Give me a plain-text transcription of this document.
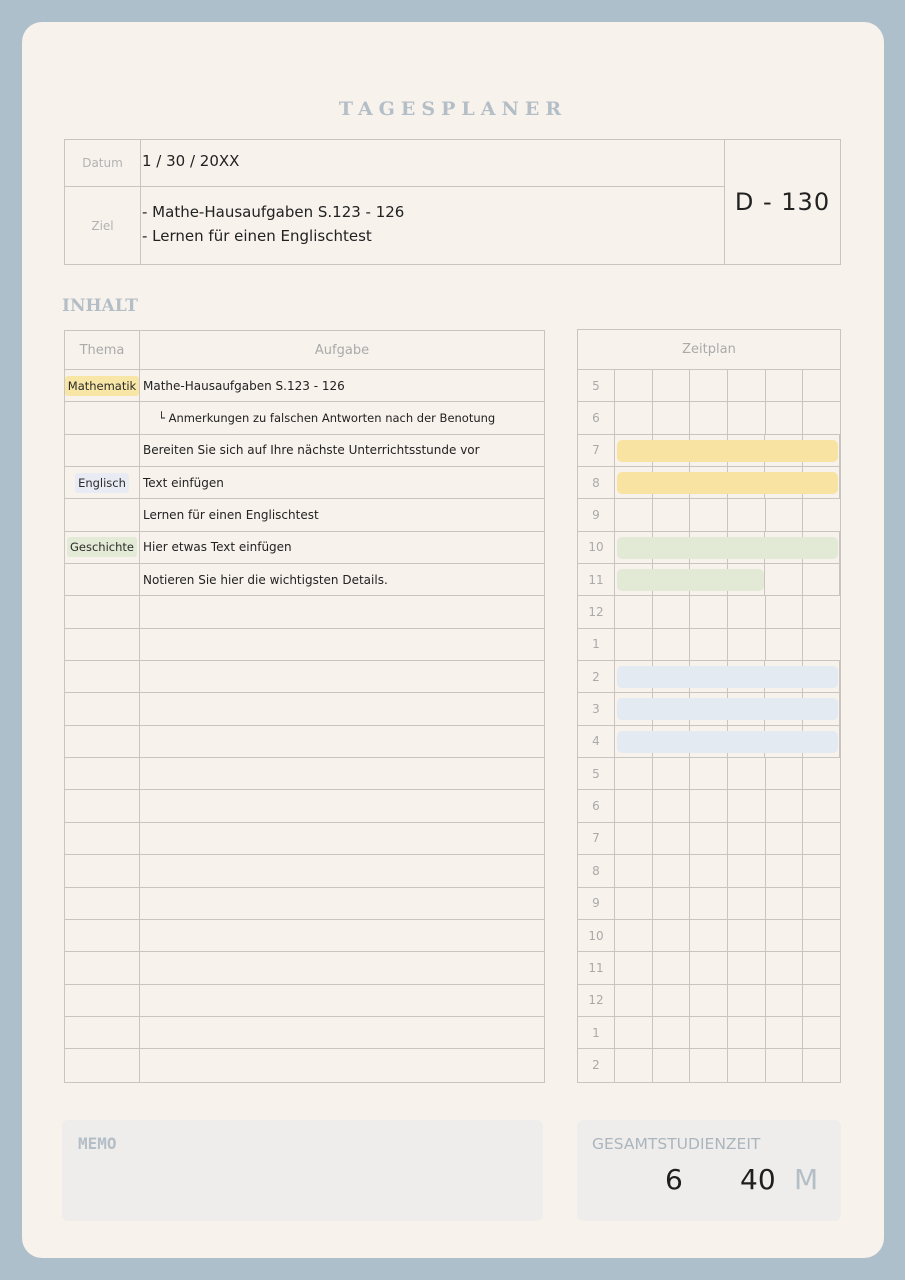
TAGESPLANER
Datum	1 / 30 / 20XX
Ziel
- Mathe-Hausaufgaben S.123 - 126
- Lernen für einen Englischtest
D - 130
INHALT
Thema	Aufgabe
Mathematik Mathe-Hausaufgaben S.123 - 126
└ Anmerkungen zu falschen Antworten nach der Benotung
Bereiten Sie sich auf Ihre nächste Unterrichtsstunde vor
Englisch Text einfügen
Lernen für einen Englischtest
Geschichte Hier etwas Text einfügen
Notieren Sie hier die wichtigsten Details.
Zeitplan
5
6
7
8
9
10
11
12
1
2
3
4
5
6
7
8
9
10
11
12
1
2
MEMO	GESAMTSTUDIENZEIT
6 40 M
